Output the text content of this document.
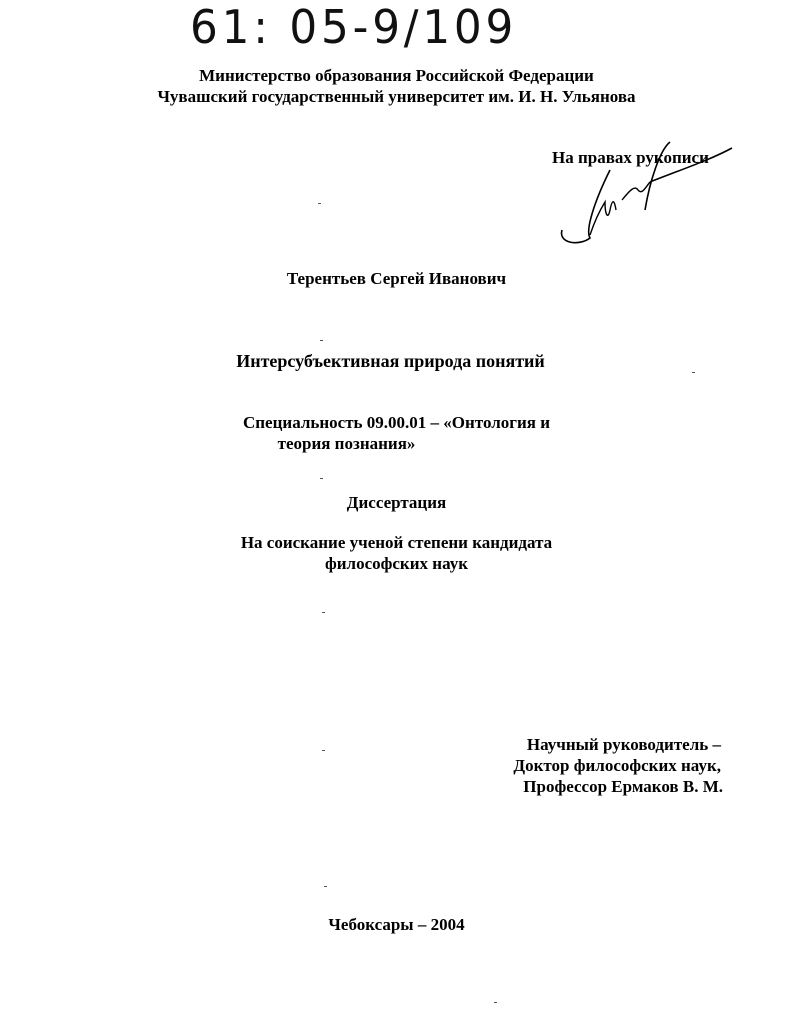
61: 05-9/109
Министерство образования Российской Федерации
Чувашский государственный университет им. И. Н. Ульянова
На правах рукописи
Терентьев Сергей Иванович
Интерсубъективная природа понятий
Специальность 09.00.01 – «Онтология и
теория познания»
Диссертация
На соискание ученой степени кандидата
философских наук
Научный руководитель –
Доктор философских наук,
Профессор Ермаков В. М.
Чебоксары – 2004
